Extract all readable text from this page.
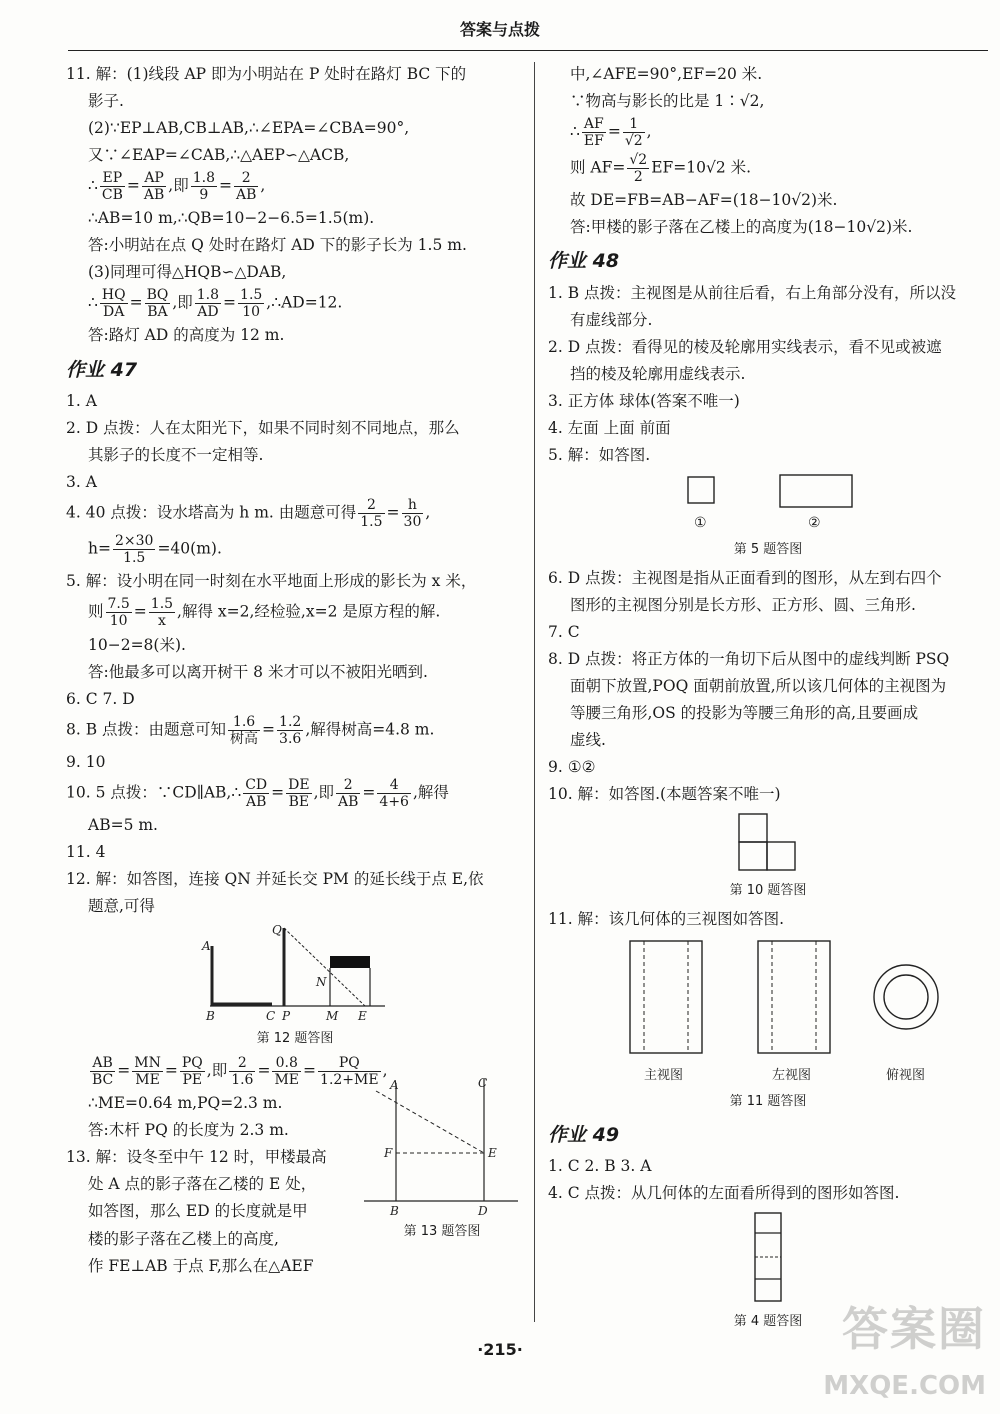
答案与点拨

11. 解：(1)线段 AP 即为小明站在 P 处时在路灯 BC 下的

影子.

(2)∵EP⊥AB,CB⊥AB,∴∠EPA=∠CBA=90°,

又∵∠EAP=∠CAB,∴△AEP∽△ACB,

∴ $\frac{EP}{CB} = \frac{AP}{AB}$ ,即 $\frac{1.8}{9} = \frac{2}{AB}$ ,

∴AB=10 m,∴QB=10−2−6.5=1.5(m).

答:小明站在点 Q 处时在路灯 AD 下的影子长为 1.5 m.

(3)同理可得△HQB∽△DAB,

∴ $\frac{HQ}{DA} = \frac{BQ}{BA}$ ,即 $\frac{1.8}{AD} = \frac{1.5}{10}$ ,∴AD=12.

答:路灯 AD 的高度为 12 m.

作业 47

1. A

2. D 点拨：人在太阳光下，如果不同时刻不同地点，那么

其影子的长度不一定相等.

3. A

4. 40 点拨：设水塔高为 h m. 由题意可得 $\frac{2}{1.5} = \frac{h}{30}$ ,

$h= \frac{2\times 30}{1.5} =40(m)$.

5. 解：设小明在同一时刻在水平地面上形成的影长为 x 米，

则 $\frac{7.5}{10} = \frac{1.5}{x}$ ,解得 x=2,经检验,x=2 是原方程的解.

10−2=8(米).

答:他最多可以离开树干 8 米才可以不被阳光晒到.

6. C 7. D

8. B 点拨：由题意可知 $\frac{1.6}{\text{树高}} = \frac{1.2}{3.6}$ ,解得树高=4.8 m.

9. 10

10. 5 点拨：∵CD∥AB,∴ $\frac{CD}{AB} = \frac{DE}{BE}$ ,即 $\frac{2}{AB} = \frac{4}{4+6}$ ,解得

AB=5 m.

11. 4

12. 解：如答图，连接 QN 并延长交 PM 的延长线于点 E,依

题意,可得

A
B	C P
Q
N
M E
第 12 题答图

$\frac{AB}{BC} = \frac{MN}{ME} = \frac{PQ}{PE}$ ,即 $\frac{2}{1.6} = \frac{0.8}{ME} = \frac{PQ}{1.2+ME}$ ,

∴ME=0.64 m,PQ=2.3 m.

答:木杆 PQ 的长度为 2.3 m.

13. 解：设冬至中午 12 时，甲楼最高

处 A 点的影子落在乙楼的 E 处，

如答图，那么 ED 的长度就是甲

楼的影子落在乙楼上的高度,

作 FE⊥AB 于点 F,那么在△AEF

A
B
C
D
E
F
第 13 题答图

中,∠AFE=90°,EF=20 米.

∵物高与影长的比是 1∶√2,

∴ $\frac{AF}{EF} = \frac{1}{√2}$ ,

则 $AF= \frac{√2}{2} EF=10√2$ 米.

故 DE=FB=AB−AF=(18−10√2)米.

答:甲楼的影子落在乙楼上的高度为(18−10√2)米.

作业 48

1. B 点拨：主视图是从前往后看，右上角部分没有，所以没

有虚线部分.

2. D 点拨：看得见的棱及轮廓用实线表示，看不见或被遮

挡的棱及轮廓用虚线表示.

3. 正方体 球体(答案不唯一)

4. 左面 上面 前面

5. 解：如答图.

①	②
第 5 题答图

6. D 点拨：主视图是指从正面看到的图形，从左到右四个

图形的主视图分别是长方形、正方形、圆、三角形.

7. C

8. D 点拨：将正方体的一角切下后从图中的虚线判断 PSQ

面朝下放置,POQ 面朝前放置,所以该几何体的主视图为

等腰三角形,OS 的投影为等腰三角形的高,且要画成

虚线.

9. ①②

10. 解：如答图.(本题答案不唯一)

第 10 题答图

11. 解：该几何体的三视图如答图.

主视图	左视图	俯视图
第 11 题答图
作业 49

1. C 2. B 3. A

4. C 点拨：从几何体的左面看所得到的图形如答图.

第 4 题答图
·215·	答案圈
MXQE.COM
